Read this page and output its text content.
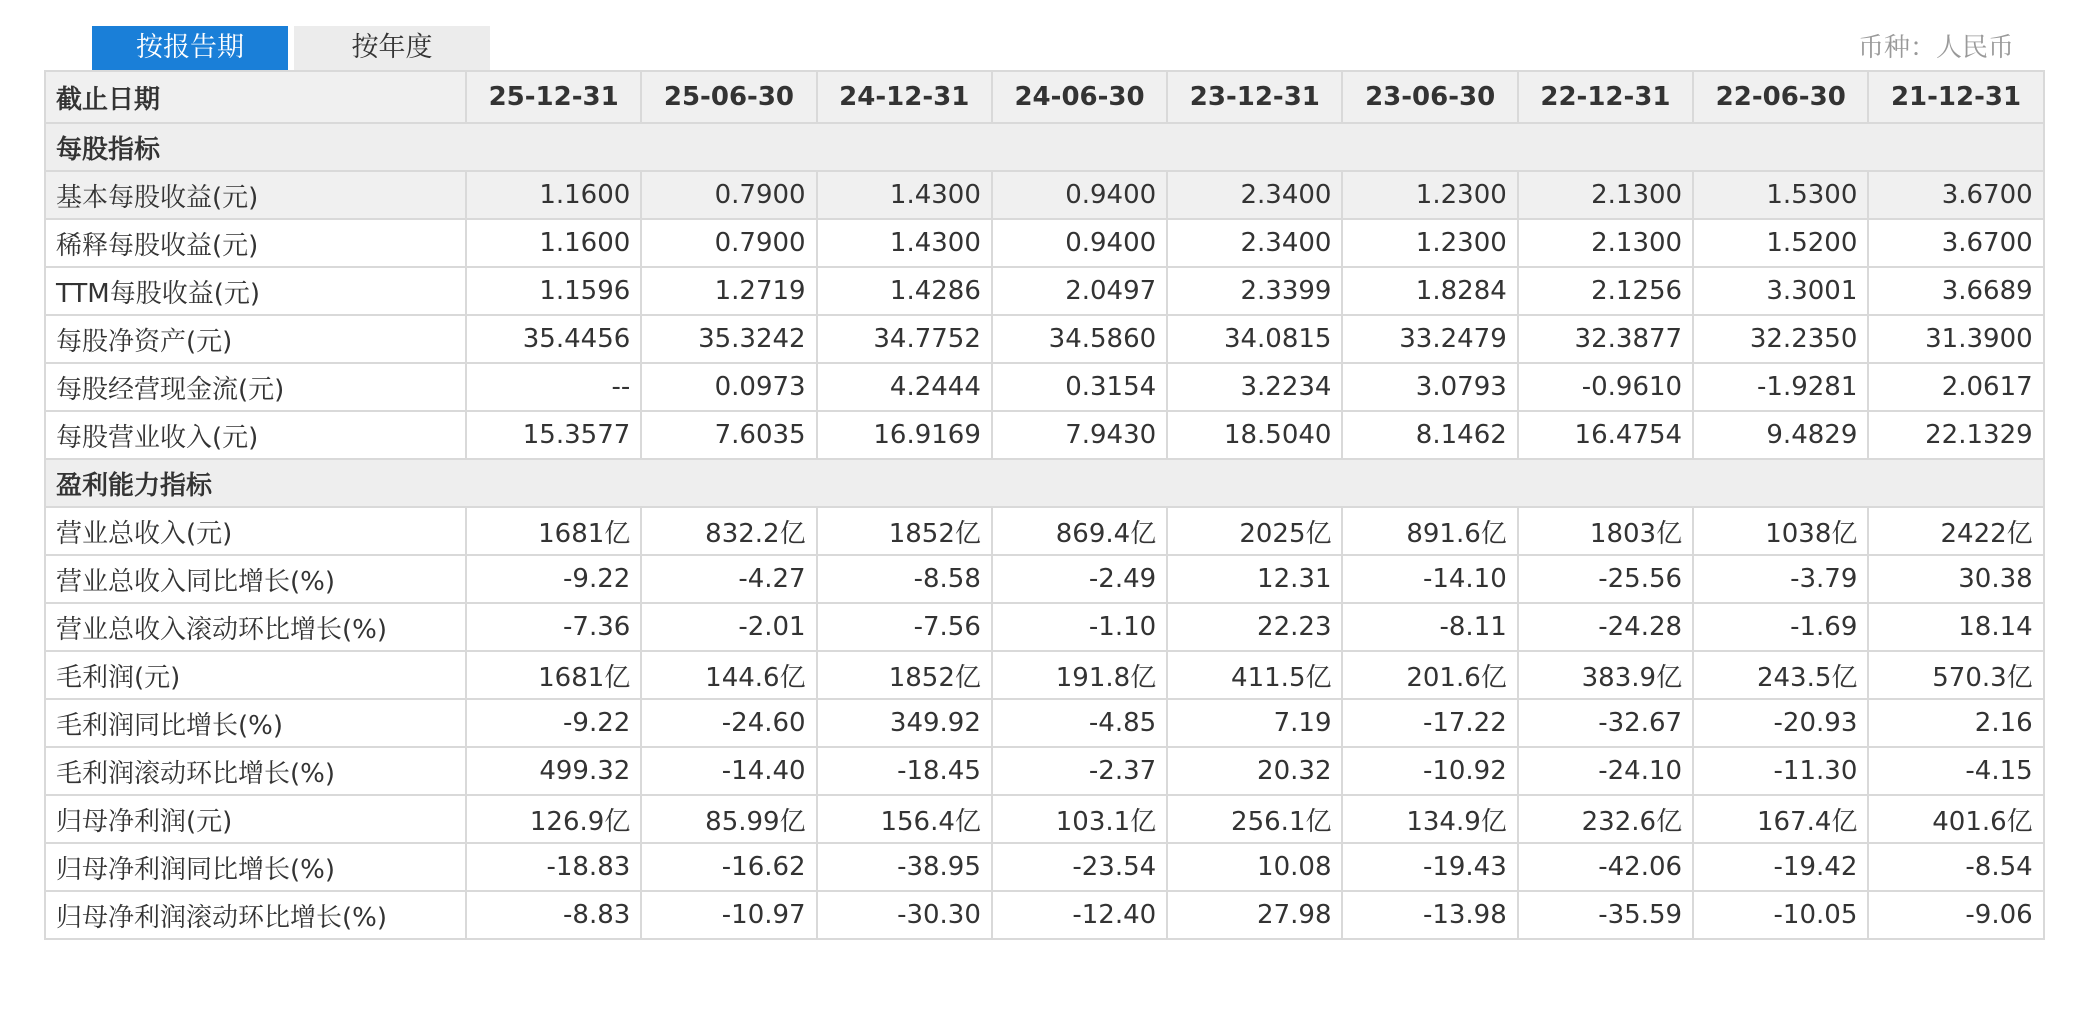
按报告期	按年度	币种：人民币
截止日期	25-12-31	25-06-30	24-12-31	24-06-30	23-12-31	23-06-30	22-12-31	22-06-30	21-12-31
每股指标									
基本每股收益(元)	1.1600	0.7900	1.4300	0.9400	2.3400	1.2300	2.1300	1.5300	3.6700
稀释每股收益(元)	1.1600	0.7900	1.4300	0.9400	2.3400	1.2300	2.1300	1.5200	3.6700
TTM每股收益(元)	1.1596	1.2719	1.4286	2.0497	2.3399	1.8284	2.1256	3.3001	3.6689
每股净资产(元)	35.4456	35.3242	34.7752	34.5860	34.0815	33.2479	32.3877	32.2350	31.3900
每股经营现金流(元)	--	0.0973	4.2444	0.3154	3.2234	3.0793	-0.9610	-1.9281	2.0617
每股营业收入(元)	15.3577	7.6035	16.9169	7.9430	18.5040	8.1462	16.4754	9.4829	22.1329
盈利能力指标									
营业总收入(元)	1681亿	832.2亿	1852亿	869.4亿	2025亿	891.6亿	1803亿	1038亿	2422亿
营业总收入同比增长(%)	-9.22	-4.27	-8.58	-2.49	12.31	-14.10	-25.56	-3.79	30.38
营业总收入滚动环比增长(%)	-7.36	-2.01	-7.56	-1.10	22.23	-8.11	-24.28	-1.69	18.14
毛利润(元)	1681亿	144.6亿	1852亿	191.8亿	411.5亿	201.6亿	383.9亿	243.5亿	570.3亿
毛利润同比增长(%)	-9.22	-24.60	349.92	-4.85	7.19	-17.22	-32.67	-20.93	2.16
毛利润滚动环比增长(%)	499.32	-14.40	-18.45	-2.37	20.32	-10.92	-24.10	-11.30	-4.15
归母净利润(元)	126.9亿	85.99亿	156.4亿	103.1亿	256.1亿	134.9亿	232.6亿	167.4亿	401.6亿
归母净利润同比增长(%)	-18.83	-16.62	-38.95	-23.54	10.08	-19.43	-42.06	-19.42	-8.54
归母净利润滚动环比增长(%)	-8.83	-10.97	-30.30	-12.40	27.98	-13.98	-35.59	-10.05	-9.06
